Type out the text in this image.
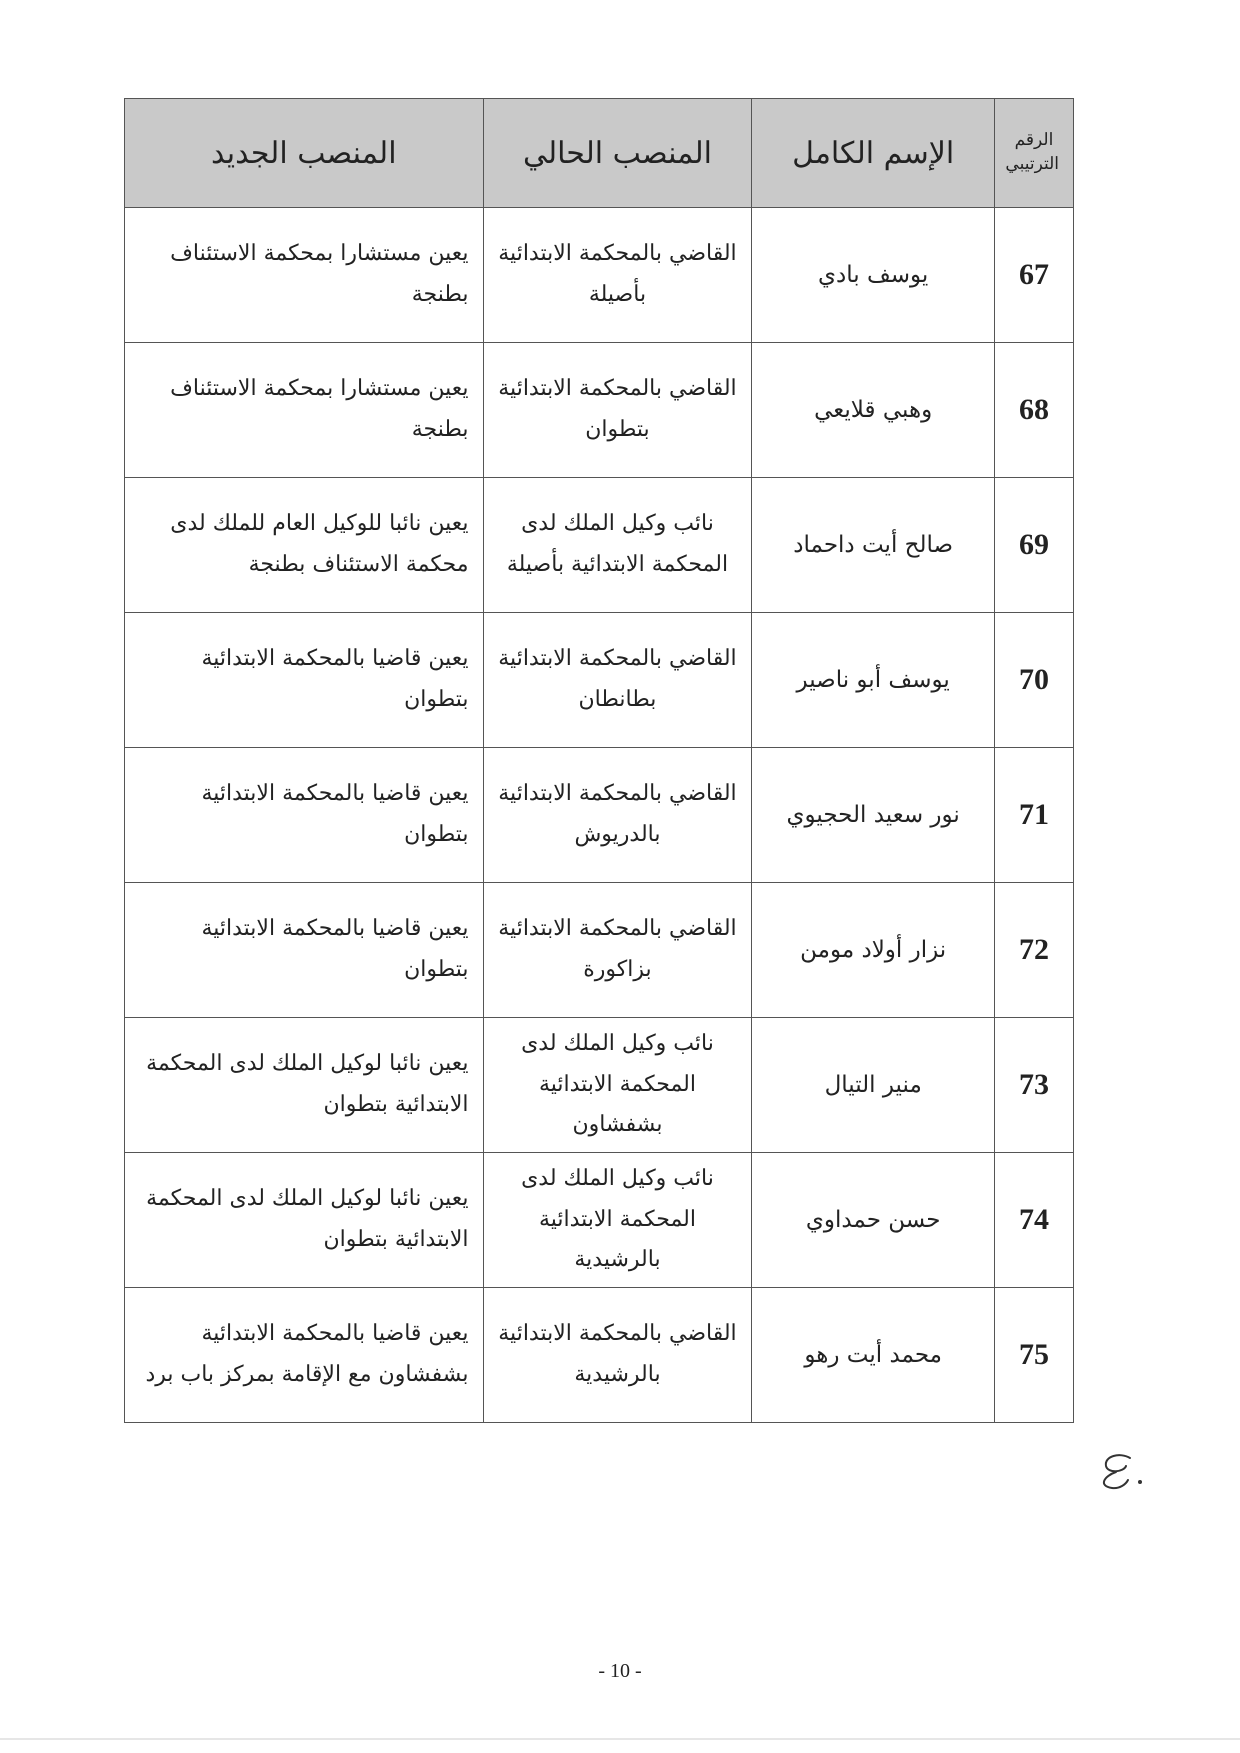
الرقم الترتيبي	الإسم الكامل	المنصب الحالي	المنصب الجديد
67	يوسف بادي	القاضي بالمحكمة الابتدائية بأصيلة	يعين مستشارا بمحكمة الاستئناف بطنجة
68	وهبي قلايعي	القاضي بالمحكمة الابتدائية بتطوان	يعين مستشارا بمحكمة الاستئناف بطنجة
69	صالح أيت داحماد	نائب وكيل الملك لدى المحكمة الابتدائية بأصيلة	يعين نائبا للوكيل العام للملك لدى محكمة الاستئناف بطنجة
70	يوسف أبو ناصير	القاضي بالمحكمة الابتدائية بطانطان	يعين قاضيا بالمحكمة الابتدائية بتطوان
71	نور سعيد الحجيوي	القاضي بالمحكمة الابتدائية بالدريوش	يعين قاضيا بالمحكمة الابتدائية بتطوان
72	نزار أولاد مومن	القاضي بالمحكمة الابتدائية بزاكورة	يعين قاضيا بالمحكمة الابتدائية بتطوان
73	منير التيال	نائب وكيل الملك لدى المحكمة الابتدائية بشفشاون	يعين نائبا لوكيل الملك لدى المحكمة الابتدائية بتطوان
74	حسن حمداوي	نائب وكيل الملك لدى المحكمة الابتدائية بالرشيدية	يعين نائبا لوكيل الملك لدى المحكمة الابتدائية بتطوان
75	محمد أيت رهو	القاضي بالمحكمة الابتدائية بالرشيدية	يعين قاضيا بالمحكمة الابتدائية بشفشاون مع الإقامة بمركز باب برد
- 10 -
